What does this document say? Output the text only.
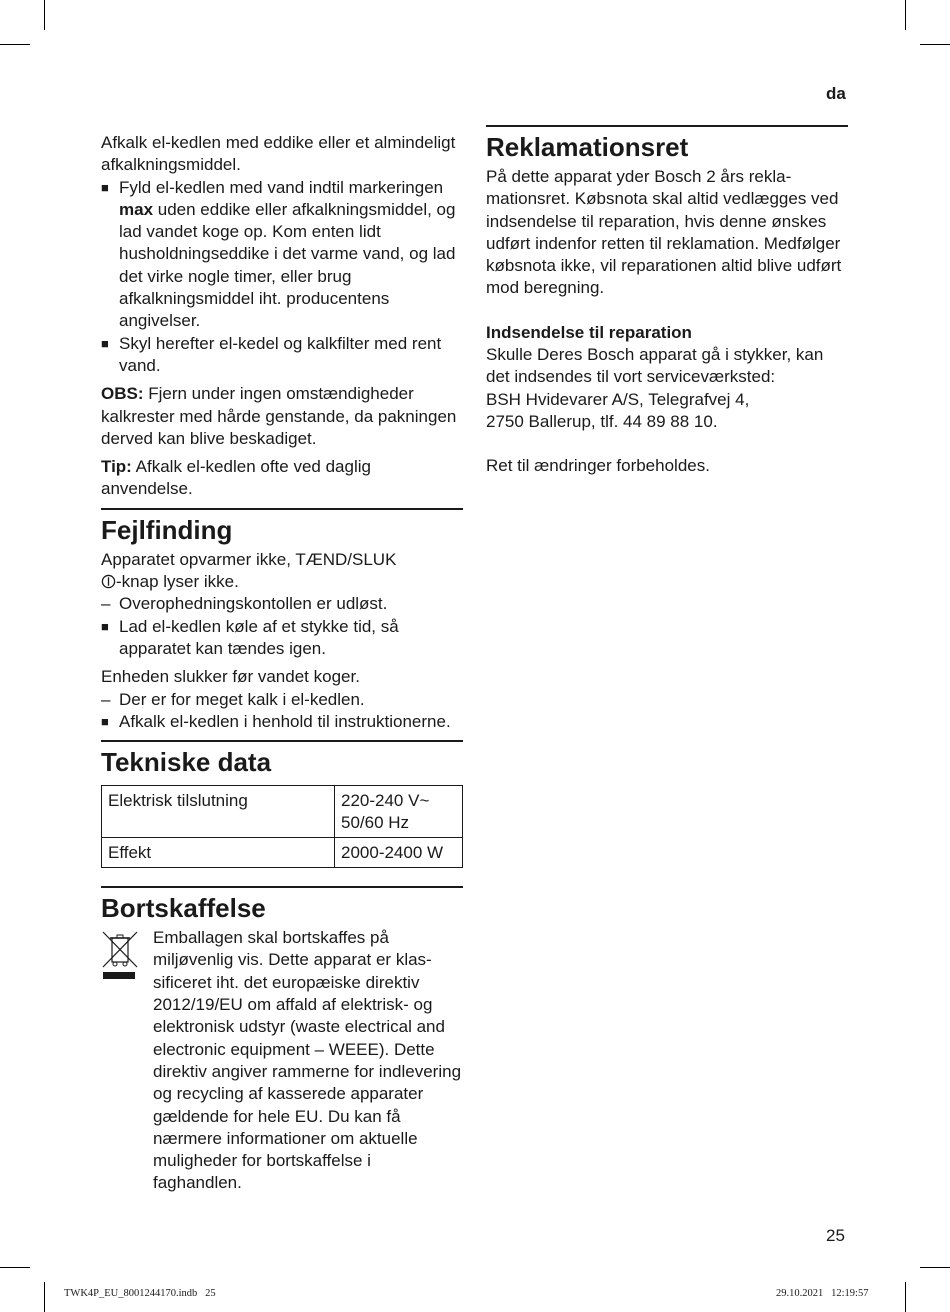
da

Afkalk el-kedlen med eddike eller et almindeligt afkalkningsmiddel.

■ Fyld el-kedlen med vand indtil markeringen max uden eddike eller afkalkningsmiddel, og lad vandet koge op. Kom enten lidt husholdningseddike i det varme vand, og lad det virke nogle timer, eller brug afkalkningsmiddel iht. producentens angivelser.
■ Skyl herefter el-kedel og kalkfilter med rent vand.

OBS: Fjern under ingen omstændigheder kalkrester med hårde genstande, da pakningen derved kan blive beskadiget.

Tip: Afkalk el-kedlen ofte ved daglig anvendelse.

Fejlfinding

Apparatet opvarmer ikke, TÆND/SLUK
-knap lyser ikke.

– Overophedningskontollen er udløst.
■ Lad el-kedlen køle af et stykke tid, så apparatet kan tændes igen.

Enheden slukker før vandet koger.

– Der er for meget kalk i el-kedlen.
■ Afkalk el-kedlen i henhold til instruktionerne.
Tekniske data
Elektrisk tilslutning	220-240 V~ 50/60 Hz
Effekt	2000-2400 W
Bortskaffelse
Emballagen skal bortskaffes på miljøvenlig vis. Dette apparat er klassificeret iht. det europæiske direktiv 2012/19/EU om affald af elektrisk- og elektronisk udstyr (waste electrical and electronic equipment – WEEE). Dette direktiv angiver rammerne for indlevering og recycling af kasserede apparater gældende for hele EU. Du kan få nærmere informationer om aktuelle muligheder for bortskaffelse i faghandlen.
Reklamationsret

På dette apparat yder Bosch 2 års reklamationsret. Købsnota skal altid vedlægges ved indsendelse til reparation, hvis denne ønskes udført indenfor retten til reklamation. Medfølger købsnota ikke, vil reparationen altid blive udført mod beregning.

Indsendelse til reparation

Skulle Deres Bosch apparat gå i stykker, kan det indsendes til vort serviceværksted:

BSH Hvidevarer A/S, Telegrafvej 4,

2750 Ballerup, tlf. 44 89 88 10.

Ret til ændringer forbeholdes.

25
TWK4P_EU_8001244170.indb   25	29.10.2021   12:19:57
